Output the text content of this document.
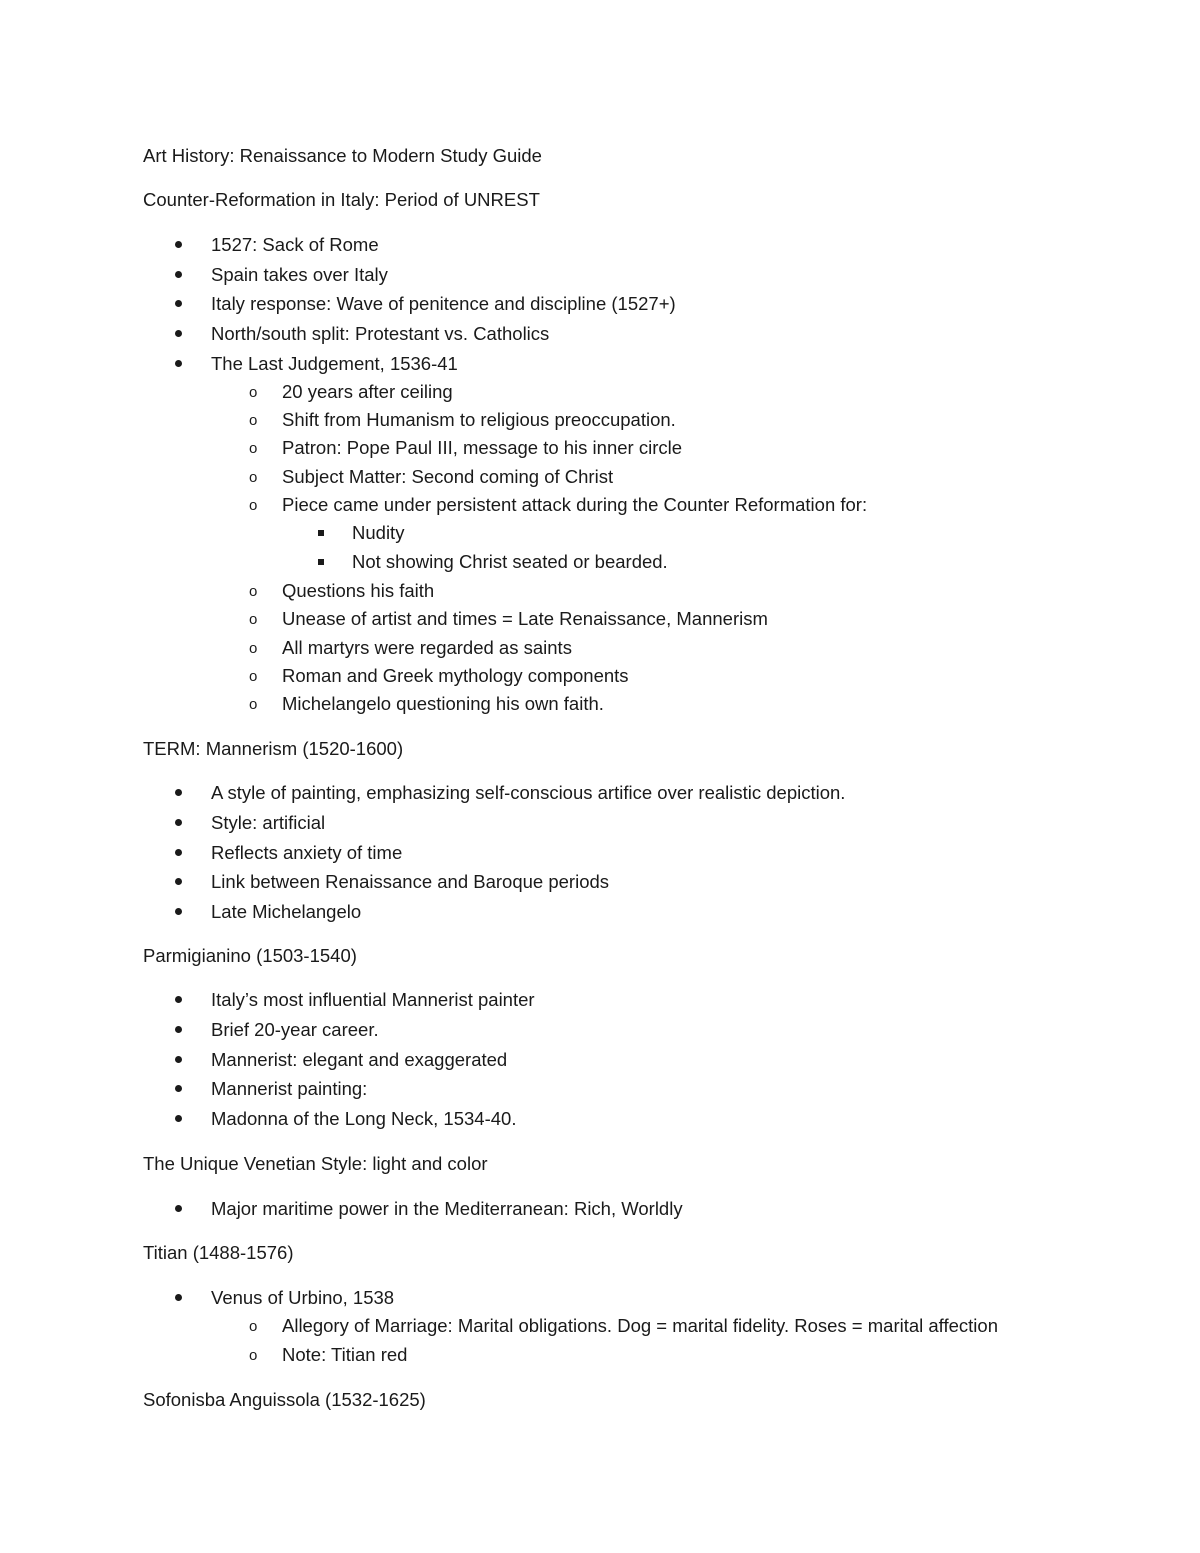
Art History: Renaissance to Modern Study Guide
Counter-Reformation in Italy: Period of UNREST
1527: Sack of Rome
Spain takes over Italy
Italy response: Wave of penitence and discipline (1527+)
North/south split: Protestant vs. Catholics
The Last Judgement, 1536-41
o 20 years after ceiling
o Shift from Humanism to religious preoccupation.
o Patron: Pope Paul III, message to his inner circle
o Subject Matter: Second coming of Christ
o Piece came under persistent attack during the Counter Reformation for:
Nudity
Not showing Christ seated or bearded.
o Questions his faith
o Unease of artist and times = Late Renaissance, Mannerism
o All martyrs were regarded as saints
o Roman and Greek mythology components
o Michelangelo questioning his own faith.
TERM: Mannerism (1520-1600)
A style of painting, emphasizing self-conscious artifice over realistic depiction.
Style: artificial
Reflects anxiety of time
Link between Renaissance and Baroque periods
Late Michelangelo
Parmigianino (1503-1540)
Italy’s most influential Mannerist painter
Brief 20-year career.
Mannerist: elegant and exaggerated
Mannerist painting:
Madonna of the Long Neck, 1534-40.
The Unique Venetian Style: light and color
Major maritime power in the Mediterranean: Rich, Worldly
Titian (1488-1576)
Venus of Urbino, 1538
o Allegory of Marriage: Marital obligations. Dog = marital fidelity. Roses = marital affection
o Note: Titian red
Sofonisba Anguissola (1532-1625)
